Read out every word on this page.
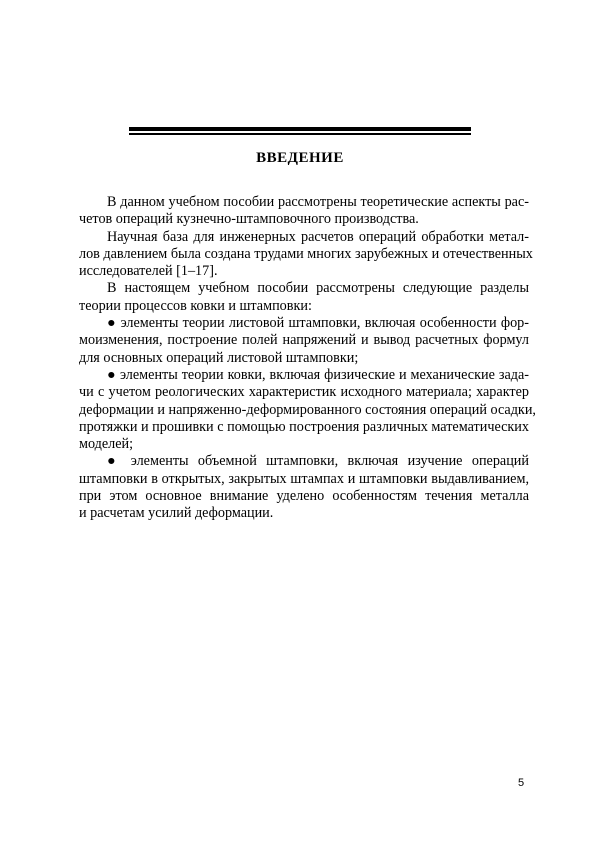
ВВЕДЕНИЕ
В данном учебном пособии рассмотрены теоретические аспекты рас-
четов операций кузнечно-штамповочного производства.
Научная база для инженерных расчетов операций обработки метал-
лов давлением была создана трудами многих зарубежных и отечественных
исследователей [1–17].
В настоящем учебном пособии рассмотрены следующие разделы
теории процессов ковки и штамповки:
● элементы теории листовой штамповки, включая особенности фор-
моизменения, построение полей напряжений и вывод расчетных формул
для основных операций листовой штамповки;
● элементы теории ковки, включая физические и механические зада-
чи с учетом реологических характеристик исходного материала; характер
деформации и напряженно-деформированного состояния операций осадки,
протяжки и прошивки с помощью построения различных математических
моделей;
● элементы объемной штамповки, включая изучение операций
штамповки в открытых, закрытых штампах и штамповки выдавливанием,
при этом основное внимание уделено особенностям течения металла
и расчетам усилий деформации.
5
